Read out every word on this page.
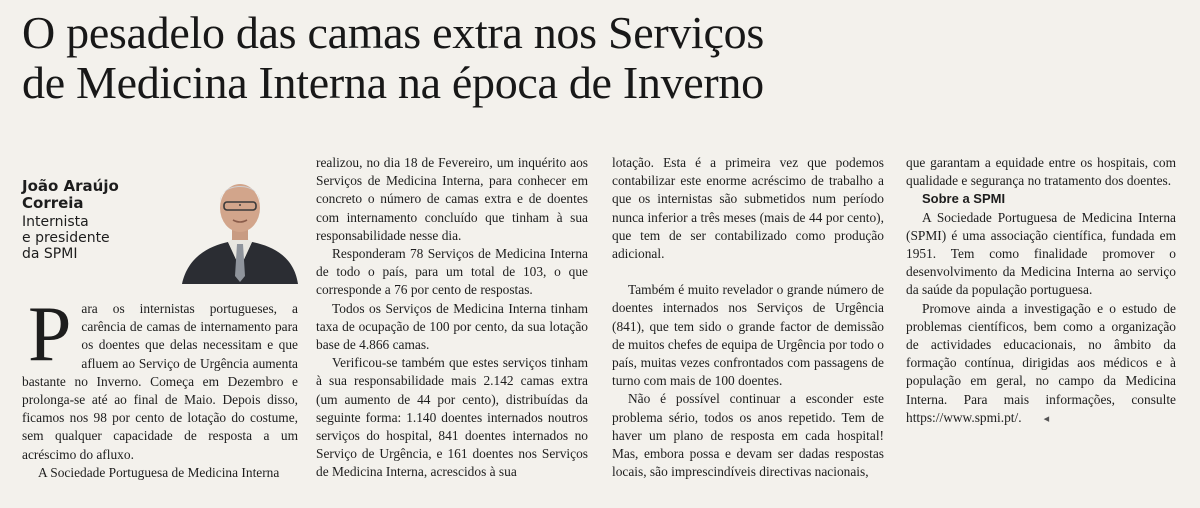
O pesadelo das camas extra nos Serviços
de Medicina Interna na época de Inverno
João Araújo
Correia
Internista
e presidente
da SPMI
P ara os internistas portugueses, a carência de camas de internamento para os doentes que delas necessitam e que afluem ao Serviço de Urgência aumenta bastante no Inverno. Começa em Dezembro e prolonga-se até ao final de Maio. Depois disso, ficamos nos 98 por cento de lotação do costume, sem qualquer capacidade de resposta a um acréscimo do afluxo.

A Sociedade Portuguesa de Medicina Interna

realizou, no dia 18 de Fevereiro, um inquérito aos Serviços de Medicina Interna, para conhecer em concreto o número de camas extra e de doentes com internamento concluído que tinham à sua responsabilidade nesse dia.

Responderam 78 Serviços de Medicina Interna de todo o país, para um total de 103, o que corresponde a 76 por cento de respostas.

Todos os Serviços de Medicina Interna tinham taxa de ocupação de 100 por cento, da sua lotação base de 4.866 camas.

Verificou-se também que estes serviços tinham à sua responsabilidade mais 2.142 camas extra (um aumento de 44 por cento), distribuídas da seguinte forma: 1.140 doentes internados noutros serviços do hospital, 841 doentes internados no Serviço de Urgência, e 161 doentes nos Serviços de Medicina Interna, acrescidos à sua

lotação. Esta é a primeira vez que podemos contabilizar este enorme acréscimo de trabalho a que os internistas são submetidos num período nunca inferior a três meses (mais de 44 por cento), que tem de ser contabilizado como produção adicional.

Também é muito revelador o grande número de doentes internados nos Serviços de Urgência (841), que tem sido o grande factor de demissão de muitos chefes de equipa de Urgência por todo o país, muitas vezes confrontados com passagens de turno com mais de 100 doentes.

Não é possível continuar a esconder este problema sério, todos os anos repetido. Tem de haver um plano de resposta em cada hospital! Mas, embora possa e devam ser dadas respostas locais, são imprescindíveis directivas nacionais,

que garantam a equidade entre os hospitais, com qualidade e segurança no tratamento dos doentes.

Sobre a SPMI

A Sociedade Portuguesa de Medicina Interna (SPMI) é uma associação científica, fundada em 1951. Tem como finalidade promover o desenvolvimento da Medicina Interna ao serviço da saúde da população portuguesa.

Promove ainda a investigação e o estudo de problemas científicos, bem como a organização de actividades educacionais, no âmbito da formação contínua, dirigidas aos médicos e à população em geral, no campo da Medicina Interna. Para mais informações, consulte https://www.spmi.pt/. ◂
